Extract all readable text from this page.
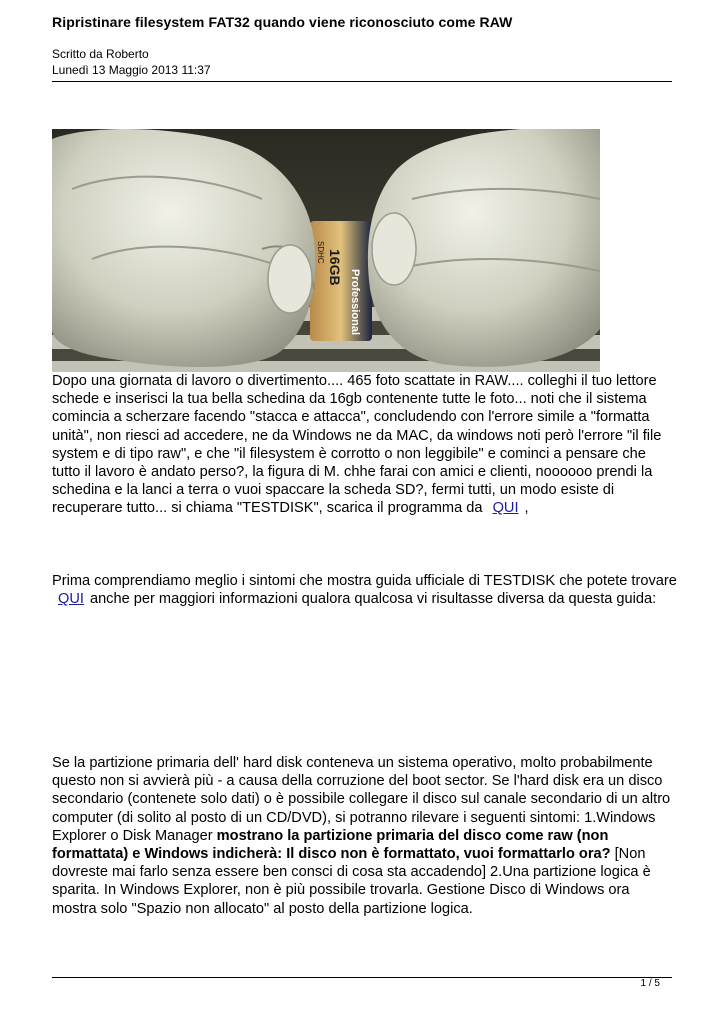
Ripristinare filesystem FAT32 quando viene riconosciuto come RAW
Scritto da Roberto
Lunedì 13 Maggio 2013 11:37
Professional
16GB
SDHC

Dopo una giornata di lavoro o divertimento.... 465 foto scattate in RAW.... colleghi il tuo lettore schede e inserisci la tua bella schedina da 16gb contenente tutte le foto... noti che il sistema comincia a scherzare facendo "stacca e attacca", concludendo con l'errore simile a "formatta unità", non riesci ad accedere, ne da Windows ne da MAC, da windows noti però l'errore "il file system e di tipo raw", e che "il filesystem è corrotto o non leggibile" e cominci a pensare che tutto il lavoro è andato perso?, la figura di M. chhe farai con amici e clienti, noooooo prendi la schedina e la lanci a terra o vuoi spaccare la scheda SD?, fermi tutti, un modo esiste di recuperare tutto... si chiama "TESTDISK", scarica il programma da QUI ,

Prima comprendiamo meglio i sintomi che mostra guida ufficiale di TESTDISK che potete trovare QUI anche per maggiori informazioni qualora qualcosa vi risultasse diversa da questa guida:

Se la partizione primaria dell' hard disk conteneva un sistema operativo, molto probabilmente questo non si avvierà più - a causa della corruzione del boot sector. Se l'hard disk era un disco secondario (contenete solo dati) o è possibile collegare il disco sul canale secondario di un altro computer (di solito al posto di un CD/DVD), si potranno rilevare i seguenti sintomi: 1.Windows Explorer o Disk Manager mostrano la partizione primaria del disco come raw (non formattata) e Windows indicherà: Il disco non è formattato, vuoi formattarlo ora? [Non dovreste mai farlo senza essere ben consci di cosa sta accadendo] 2.Una partizione logica è sparita. In Windows Explorer, non è più possibile trovarla. Gestione Disco di Windows ora mostra solo "Spazio non allocato" al posto della partizione logica.

1 / 5
